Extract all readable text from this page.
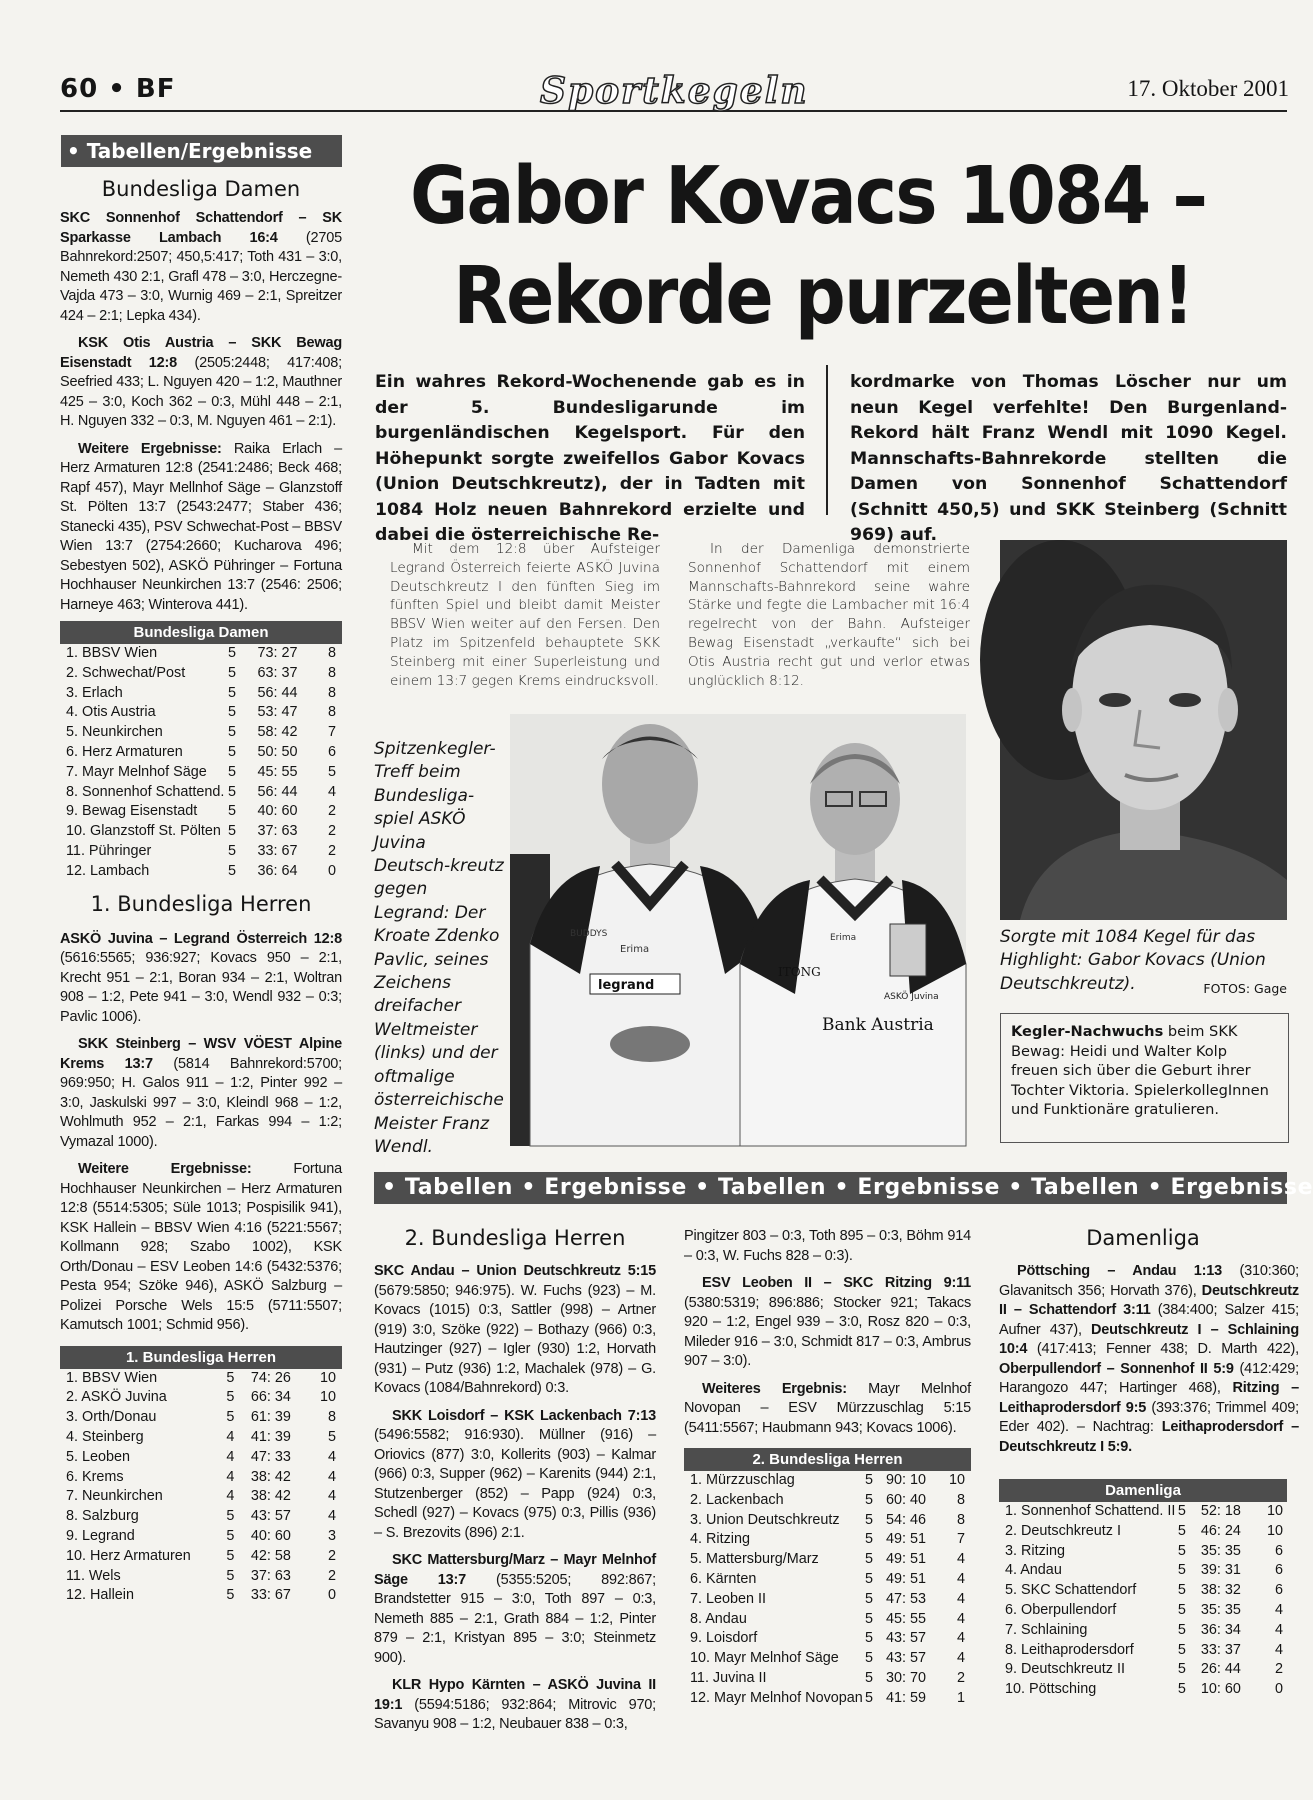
60 • BF	Sportkegeln	17. Oktober 2001
• Tabellen/Ergebnisse

Bundesliga Damen

SKC Sonnenhof Schattendorf – SK Sparkasse Lambach 16:4 (2705 Bahnrekord:2507; 450,5:417; Toth 431 – 3:0, Nemeth 430 2:1, Grafl 478 – 3:0, Herczegne-Vajda 473 – 3:0, Wurnig 469 – 2:1, Spreitzer 424 – 2:1; Lepka 434).

KSK Otis Austria – SKK Bewag Eisenstadt 12:8 (2505:2448; 417:408; Seefried 433; L. Nguyen 420 – 1:2, Mauthner 425 – 3:0, Koch 362 – 0:3, Mühl 448 – 2:1, H. Nguyen 332 – 0:3, M. Nguyen 461 – 2:1).

Weitere Ergebnisse: Raika Erlach – Herz Armaturen 12:8 (2541:2486; Beck 468; Rapf 457), Mayr Mellnhof Säge – Glanzstoff St. Pölten 13:7 (2543:2477; Staber 436; Stanecki 435), PSV Schwechat-Post – BBSV Wien 13:7 (2754:2660; Kucharova 496; Sebestyen 502), ASKÖ Pühringer – Fortuna Hochhauser Neunkirchen 13:7 (2546: 2506; Harneye 463; Winterova 441).

Bundesliga Damen
1. BBSV Wien	5	73: 27	8
2. Schwechat/Post	5	63: 37	8
3. Erlach	5	56: 44	8
4. Otis Austria	5	53: 47	8
5. Neunkirchen	5	58: 42	7
6. Herz Armaturen	5	50: 50	6
7. Mayr Melnhof Säge	5	45: 55	5
8. Sonnenhof Schattend.	5	56: 44	4
9. Bewag Eisenstadt	5	40: 60	2
10. Glanzstoff St. Pölten	5	37: 63	2
11. Pühringer	5	33: 67	2
12. Lambach	5	36: 64	0

1. Bundesliga Herren

ASKÖ Juvina – Legrand Österreich 12:8 (5616:5565; 936:927; Kovacs 950 – 2:1, Krecht 951 – 2:1, Boran 934 – 2:1, Woltran 908 – 1:2, Pete 941 – 3:0, Wendl 932 – 0:3; Pavlic 1006).

SKK Steinberg – WSV VÖEST Alpine Krems 13:7 (5814 Bahnrekord:5700; 969:950; H. Galos 911 – 1:2, Pinter 992 – 3:0, Jaskulski 997 – 3:0, Kleindl 968 – 1:2, Wohlmuth 952 – 2:1, Farkas 994 – 1:2; Vymazal 1000).

Weitere Ergebnisse: Fortuna Hochhauser Neunkirchen – Herz Armaturen 12:8 (5514:5305; Süle 1013; Pospisilik 941), KSK Hallein – BBSV Wien 4:16 (5221:5567; Kollmann 928; Szabo 1002), KSK Orth/Donau – ESV Leoben 14:6 (5432:5376; Pesta 954; Szöke 946), ASKÖ Salzburg – Polizei Porsche Wels 15:5 (5711:5507; Kamutsch 1001; Schmid 956).

1. Bundesliga Herren
1. BBSV Wien	5	74: 26	10
2. ASKÖ Juvina	5	66: 34	10
3. Orth/Donau	5	61: 39	8
4. Steinberg	4	41: 39	5
5. Leoben	4	47: 33	4
6. Krems	4	38: 42	4
7. Neunkirchen	4	38: 42	4
8. Salzburg	5	43: 57	4
9. Legrand	5	40: 60	3
10. Herz Armaturen	5	42: 58	2
11. Wels	5	37: 63	2
12. Hallein	5	33: 67	0
Gabor Kovacs 1084 –
Rekorde purzelten!

Ein wahres Rekord-Wochenende gab es in der 5. Bundesligarunde im burgenländischen Kegelsport. Für den Höhepunkt sorgte zweifellos Gabor Kovacs (Union Deutschkreutz), der in Tadten mit 1084 Holz neuen Bahnrekord erzielte und dabei die österreichische Re-

kordmarke von Thomas Löscher nur um neun Kegel verfehlte! Den Burgenland-Rekord hält Franz Wendl mit 1090 Kegel. Mannschafts-Bahnrekorde stellten die Damen von Sonnenhof Schattendorf (Schnitt 450,5) und SKK Steinberg (Schnitt 969) auf.

Mit dem 12:8 über Aufsteiger Legrand Österreich feierte ASKÖ Juvina Deutschkreutz I den fünften Sieg im fünften Spiel und bleibt damit Meister BBSV Wien weiter auf den Fersen. Den Platz im Spitzenfeld behauptete SKK Steinberg mit einer Superleistung und einem 13:7 gegen Krems eindrucksvoll.

In der Damenliga demonstrierte Sonnenhof Schattendorf mit einem Mannschafts-Bahnrekord seine wahre Stärke und fegte die Lambacher mit 16:4 regelrecht von der Bahn. Aufsteiger Bewag Eisenstadt „verkaufte“ sich bei Otis Austria recht gut und verlor etwas unglücklich 8:12.

Sorgte mit 1084 Kegel für das Highlight: Gabor Kovacs (Union Deutschkreutz).	FOTOS: Gage
Kegler-Nachwuchs beim SKK Bewag: Heidi und Walter Kolp freuen sich über die Geburt ihrer Tochter Viktoria. SpielerkollegInnen und Funktionäre gratulieren.
Spitzenkegler-Treff beim Bundesliga-spiel ASKÖ Juvina Deutsch-kreutz gegen Legrand: Der Kroate Zdenko Pavlic, seines Zeichens dreifacher Weltmeister (links) und der oftmalige österreichische Meister Franz Wendl.
BUDDYS
Erima
legrand
Erima
ITONG
ASKÖ Juvina
Bank Austria
• Tabellen • Ergebnisse • Tabellen • Ergebnisse • Tabellen • Ergebnisse

2. Bundesliga Herren

SKC Andau – Union Deutschkreutz 5:15 (5679:5850; 946:975). W. Fuchs (923) – M. Kovacs (1015) 0:3, Sattler (998) – Artner (919) 3:0, Szöke (922) – Bothazy (966) 0:3, Hautzinger (927) – Igler (930) 1:2, Horvath (931) – Putz (936) 1:2, Machalek (978) – G. Kovacs (1084/Bahnrekord) 0:3.

SKK Loisdorf – KSK Lackenbach 7:13 (5496:5582; 916:930). Müllner (916) – Oriovics (877) 3:0, Kollerits (903) – Kalmar (966) 0:3, Supper (962) – Karenits (944) 2:1, Stutzenberger (852) – Papp (924) 0:3, Schedl (927) – Kovacs (975) 0:3, Pillis (936) – S. Brezovits (896) 2:1.

SKC Mattersburg/Marz – Mayr Melnhof Säge 13:7 (5355:5205; 892:867; Brandstetter 915 – 3:0, Toth 897 – 0:3, Nemeth 885 – 2:1, Grath 884 – 1:2, Pinter 879 – 2:1, Kristyan 895 – 3:0; Steinmetz 900).

KLR Hypo Kärnten – ASKÖ Juvina II 19:1 (5594:5186; 932:864; Mitrovic 970; Savanyu 908 – 1:2, Neubauer 838 – 0:3,

Pingitzer 803 – 0:3, Toth 895 – 0:3, Böhm 914 – 0:3, W. Fuchs 828 – 0:3).

ESV Leoben II – SKC Ritzing 9:11 (5380:5319; 896:886; Stocker 921; Takacs 920 – 1:2, Engel 939 – 3:0, Rosz 820 – 0:3, Mileder 916 – 3:0, Schmidt 817 – 0:3, Ambrus 907 – 3:0).

Weiteres Ergebnis: Mayr Melnhof Novopan – ESV Mürzzuschlag 5:15 (5411:5567; Haubmann 943; Kovacs 1006).

2. Bundesliga Herren
1. Mürzzuschlag	5	90: 10	10
2. Lackenbach	5	60: 40	8
3. Union Deutschkreutz	5	54: 46	8
4. Ritzing	5	49: 51	7
5. Mattersburg/Marz	5	49: 51	4
6. Kärnten	5	49: 51	4
7. Leoben II	5	47: 53	4
8. Andau	5	45: 55	4
9. Loisdorf	5	43: 57	4
10. Mayr Melnhof Säge	5	43: 57	4
11. Juvina II	5	30: 70	2
12. Mayr Melnhof Novopan	5	41: 59	1

Damenliga

Pöttsching – Andau 1:13 (310:360; Glavanitsch 356; Horvath 376), Deutschkreutz II – Schattendorf 3:11 (384:400; Salzer 415; Aufner 437), Deutschkreutz I – Schlaining 10:4 (417:413; Fenner 438; D. Marth 422), Oberpullendorf – Sonnenhof II 5:9 (412:429; Harangozo 447; Hartinger 468), Ritzing – Leithaprodersdorf 9:5 (393:376; Trimmel 409; Eder 402). – Nachtrag: Leithaprodersdorf – Deutschkreutz I 5:9.

Damenliga
1. Sonnenhof Schattend. II	5	52: 18	10
2. Deutschkreutz I	5	46: 24	10
3. Ritzing	5	35: 35	6
4. Andau	5	39: 31	6
5. SKC Schattendorf	5	38: 32	6
6. Oberpullendorf	5	35: 35	4
7. Schlaining	5	36: 34	4
8. Leithaprodersdorf	5	33: 37	4
9. Deutschkreutz II	5	26: 44	2
10. Pöttsching	5	10: 60	0
